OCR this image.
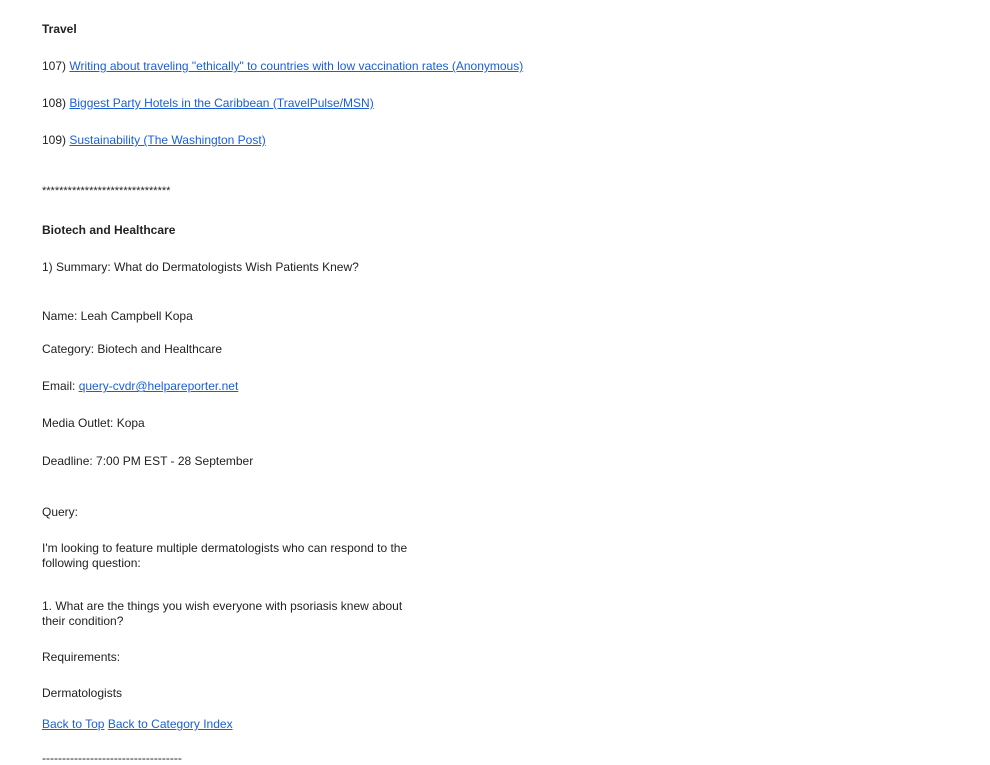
Travel
107) Writing about traveling "ethically" to countries with low vaccination rates (Anonymous)
108) Biggest Party Hotels in the Caribbean (TravelPulse/MSN)
109) Sustainability (The Washington Post)
******************************
Biotech and Healthcare
1) Summary: What do Dermatologists Wish Patients Knew?
Name: Leah Campbell Kopa
Category: Biotech and Healthcare
Email: query-cvdr@helpareporter.net
Media Outlet: Kopa
Deadline: 7:00 PM EST - 28 September
Query:
I'm looking to feature multiple dermatologists who can respond to the following question:
1. What are the things you wish everyone with psoriasis knew about their condition?
Requirements:
Dermatologists
Back to Top Back to Category Index
-----------------------------------
